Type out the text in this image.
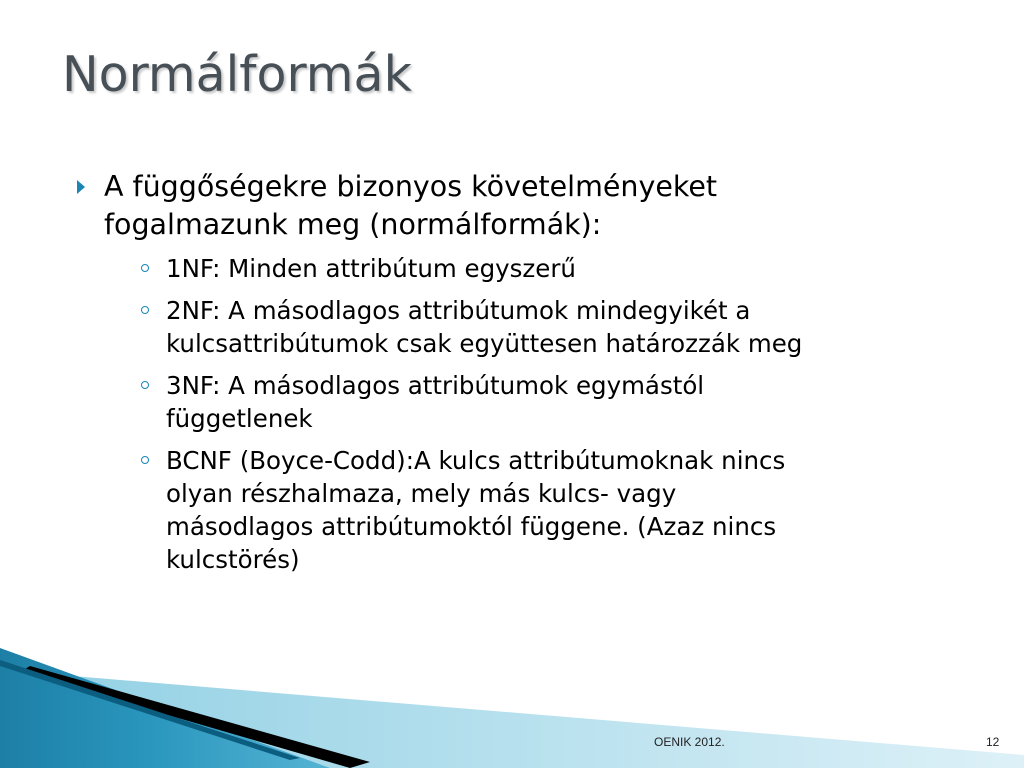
Normálformák
A függőségekre bizonyos követelményeket
fogalmazunk meg (normálformák):
1NF: Minden attribútum egyszerű
2NF: A másodlagos attribútumok mindegyikét a
kulcsattribútumok csak együttesen határozzák meg
3NF: A másodlagos attribútumok egymástól
függetlenek
BCNF (Boyce-Codd):A kulcs attribútumoknak nincs
olyan részhalmaza, mely más kulcs- vagy
másodlagos attribútumoktól függene. (Azaz nincs
kulcstörés)
OENIK 2012.	12
